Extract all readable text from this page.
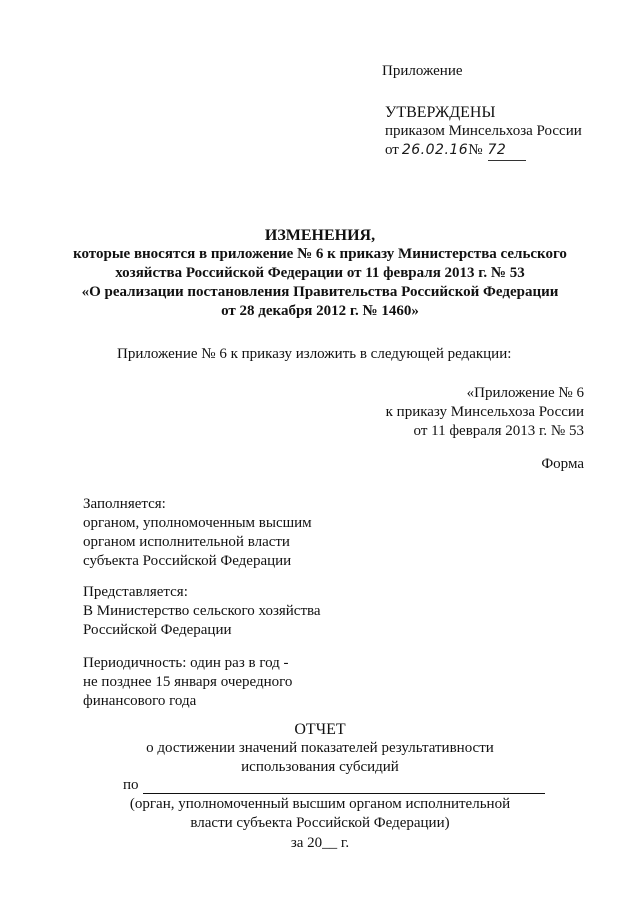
Приложение
УТВЕРЖДЕНЫ
приказом Минсельхоза России
от 26.02.16№ 72
ИЗМЕНЕНИЯ,
которые вносятся в приложение № 6 к приказу Министерства сельского
хозяйства Российской Федерации от 11 февраля 2013 г. № 53
«О реализации постановления Правительства Российской Федерации
от 28 декабря 2012 г. № 1460»
Приложение № 6 к приказу изложить в следующей редакции:
«Приложение № 6
к приказу Минсельхоза России
от 11 февраля 2013 г. № 53
Форма
Заполняется:
органом, уполномоченным высшим
органом исполнительной власти
субъекта Российской Федерации
Представляется:
В Министерство сельского хозяйства
Российской Федерации
Периодичность: один раз в год -
не позднее 15 января очередного
финансового года
ОТЧЕТ
о достижении значений показателей результативности
использования субсидий
по
(орган, уполномоченный высшим органом исполнительной
власти субъекта Российской Федерации)
за 20__ г.
